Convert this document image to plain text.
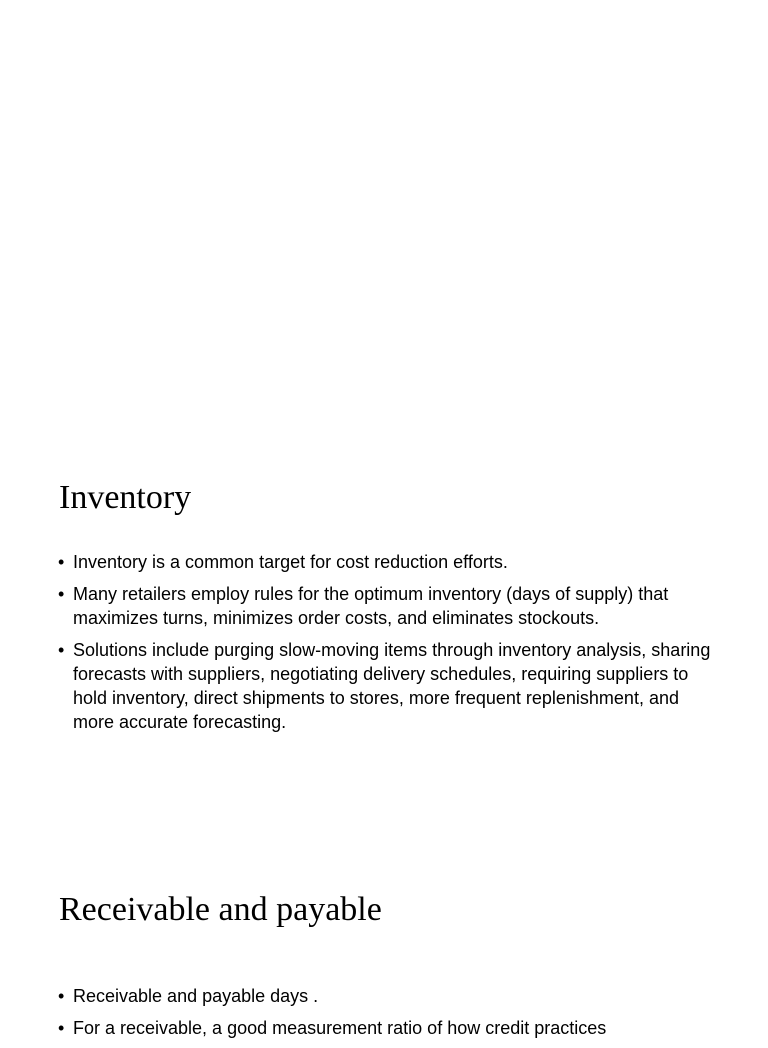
Inventory
• Inventory is a common target for cost reduction efforts.
• Many retailers employ rules for the optimum inventory (days of supply) that maximizes turns, minimizes order costs, and eliminates stockouts.
• Solutions include purging slow-moving items through inventory analysis, sharing forecasts with suppliers, negotiating delivery schedules, requiring suppliers to hold inventory, direct shipments to stores, more frequent replenishment, and more accurate forecasting.
Receivable and payable
• Receivable and payable days .
• For a receivable, a good measurement ratio of how credit practices
